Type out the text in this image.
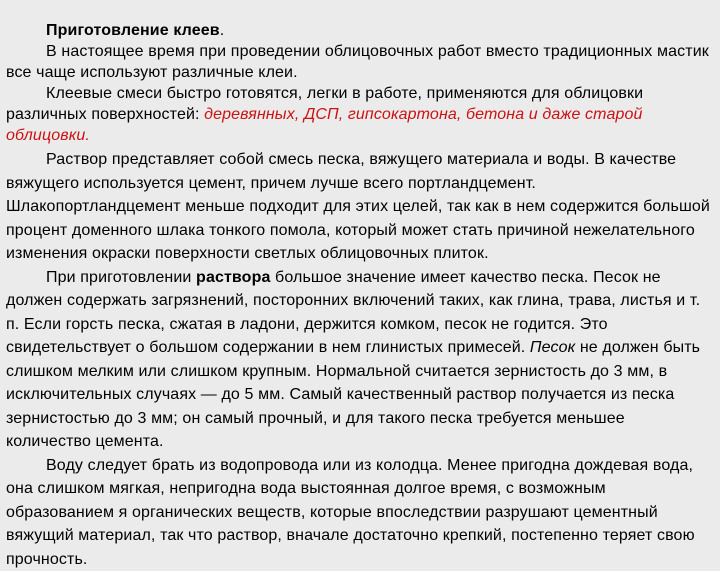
Приготовление клеев.

В настоящее время при проведении облицовочных работ вместо традиционных мастик все чаще используют различные клеи.

Клеевые смеси быстро готовятся, легки в работе, применяются для облицовки различных поверхностей: деревянных, ДСП, гипсокартона, бетона и даже старой облицовки.

Раствор представляет собой смесь песка, вяжущего материала и воды. В качестве вяжущего используется цемент, причем лучше всего портландцемент. Шлакопортландцемент меньше подходит для этих целей, так как в нем содержится большой процент доменного шлака тонкого помола, который может стать причиной нежелательного изменения окраски поверхности светлых облицовочных плиток.

При приготовлении раствора большое значение имеет качество песка. Песок не должен содержать загрязнений, посторонних включений таких, как глина, трава, листья и т. п. Если горсть песка, сжатая в ладони, держится комком, песок не годится. Это свидетельствует о большом содержании в нем глинистых примесей. Песок не должен быть слишком мелким или слишком крупным. Нормальной считается зернистость до 3 мм, в исключительных случаях — до 5 мм. Самый качественный раствор получается из песка зернистостью до 3 мм; он самый прочный, и для такого песка требуется меньшее количество цемента.

Воду следует брать из водопровода или из колодца. Менее пригодна дождевая вода, она слишком мягкая, непригодна вода выстоянная долгое время, с возможным образованием я органических веществ, которые впоследствии разрушают цементный вяжущий материал, так что раствор, вначале достаточно крепкий, постепенно теряет свою прочность.
